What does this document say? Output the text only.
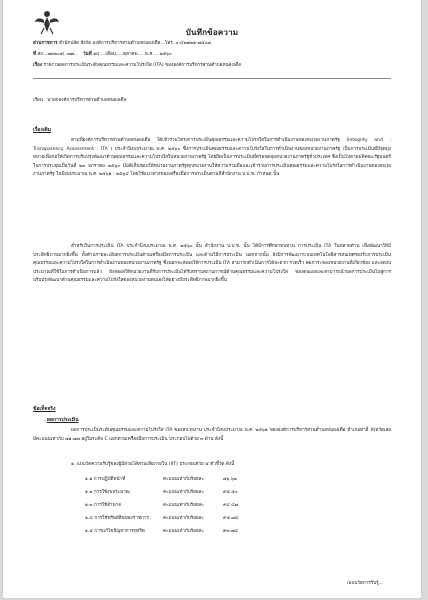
บันทึกข้อความ
ส่วนราชการ สำนักปลัด สังกัด องค์การบริหารส่วนตำบลหนองเดือ...โทร..๐-๔๒๗๒๑-๗๕๐๗
ที่ สถ...๗๓๒๐๑/..๗๗... วันที่ ๑๔ ...เดือน.....ตุลาคม.....พ.ศ.....๒๕๖๐
เรื่อง รายงานผลการประเมินระดับคุณธรรมและความโปร่งใส (ITA) ขององค์การบริหารส่วนตำบลหนองเดือ
เรียน นายกองค์การบริหารส่วนตำบลหนองเดือ
เรื่องเดิม
ตามที่องค์การบริหารส่วนตำบลหนองเดือ ได้เข้าร่วมโครงการประเมินคุณธรรมและความโปร่งใสในการดำเนินงานของหน่วยงานภาครัฐ (Integrity and : Transparency Assessment : ITA ) ประจำปีงบประมาณ พ.ศ. ๒๕๖๐ ซึ่งการประเมินคุณธรรมและความโปร่งใสในการดำเนินงานของหน่วยงานภาครัฐ เป็นการประเมินที่มีจุดมุ่งหมายเพื่อก่อให้เกิดการปรับปรุงพัฒนาด้านคุณธรรมและความโปร่งใสในหน่วยงานภาครัฐ โดยยึดเป็นการประเมินที่ครอบคลุมหน่วยงานภาครัฐทั่วประเทศ ซึ่งเป็นไปตามมติคณะรัฐมนตรีในการประชุมเมื่อวันที่ ๒๓ มกราคม ๒๕๖๐ มีมติเห็นชอบให้หน่วยงานภาครัฐทุกหน่วยงานให้ความร่วมมือและเข้าร่วมการประเมินคุณธรรมและความโปร่งใสการดำเนินงานของหน่วยงานภาครัฐ ในปีงบประมาณ พ.ศ. ๒๕๖๑ - ๒๕๖๔ โดยใช้แนวทางของเครื่องมือการประเมินตามที่สำนักงาน ป.ป.ช. กำหนด นั้น
สำหรับในการประเมิน ITA ประจำปีงบประมาณ พ.ศ. ๒๕๖๐ นั้น สำนักงาน ป.ป.ช. นั้น ได้มีการศึกษาทบทวน การประเมิน ITA ในหลายด้าน เพื่อพัฒนาให้มีประสิทธิภาพมากยิ่งขึ้น ทั้งด้านรายละเอียดการประเมินด้านเครื่องมือการประเมิน และด้านวิธีการประเมิน นอกจากนั้น ยังมีการพัฒนาระบบเทคโนโลยีสารสนเทศรองรับการประเมิน คุณธรรมและความโปร่งใสในการดำเนินงานของหน่วยงานภาครัฐ ซึ่งนอกจะส่งผลให้การประเมิน ITA สามารถดำเนินการได้สะดวก รวดเร็ว ลดภาระของหน่วยงานที่เกี่ยวข้อง และลดงบประมาณที่ใช้ในการดำเนินการแล้ว ยังส่งผลให้หน่วยงานที่รับการประเมินได้รับทราบสถานการณ์ด้านคุณธรรมและความโปร่งใส ของตนเองและสามารถนำผลการประเมินไปสู่การปรับปรุงพัฒนาด้านคุณธรรมและความโปร่งใสของหน่วยงานตนเองได้อย่างมีประสิทธิภาพมากยิ่งขึ้น
ข้อเท็จจริง
ผลการประเมิน
ผลการประเมินระดับคุณธรรมและความโปร่งใส ITA ของหน่วยงาน ประจำปีงบประมาณ พ.ศ. ๒๕๖๑ ขององค์การบริหารส่วนตำบลหนองเดือ อำเภอท่าลี่ จังหวัดเลย มีคะแนนเท่ากับ ๗๑.๗๗ อยู่ในระดับ C แยกตามเครื่องมือการประเมิน ประกอบไปด้วย ๓ ด้าน ดังนี้
๑. แบบวัดความรับรู้ของผู้มีส่วนได้ส่วนเสียภายใน (IIT) ประกอบด้วย ๕ ตัวชี้วัด ดังนี้
๑.๑ การปฏิบัติหน้าที่	คะแนนเท่ากับร้อยละ	๗๖.๖๒
๑.๒ การใช้งบประมาณ	คะแนนเท่ากับร้อยละ	๙๕.๕๐
๑.๓ การใช้อำนาจ	คะแนนเท่ากับร้อยละ	๙๔.๔๗
๑.๔ การใช้ทรัพย์สินของราชการ	คะแนนเท่ากับร้อยละ	๙๕.๗๘
๑.๕ การแก้ไขปัญหาการทุจริต	คะแนนเท่ากับร้อยละ	๙๓.๗๔
/แบบวัดการรับรู้...
